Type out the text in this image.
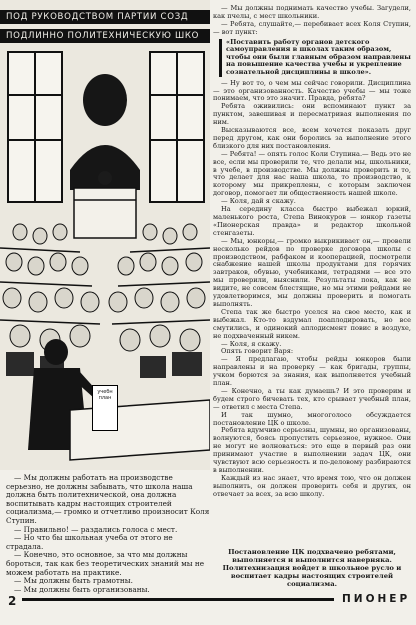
ПОД РУКОВОДСТВОМ ПАРТИИ СОЗД
ПОДЛИННО ПОЛИТЕХНИЧЕСКУЮ ШКО
учебн
план

— Мы должны работать на производстве серьезно, не должны забывать, что школа наша должна быть политехнической, она должна воспитывать кадры настоящих строителей социализма,— громко и отчетливо произносит Коля Ступин.

— Правильно! — раздались голоса с мест.

— Но что бы школьная учеба от этого не страдала.

— Конечно, это основное, за что мы должны бороться, так как без теоретических знаний мы не можем работать на практике.

— Мы должны быть грамотны.

— Мы должны быть организованы.

— Мы должны поднимать качество учебы. Загудели, как пчелы, с мест школьники.

— Ребята, слушайте,— перебивает всех Коля Ступин,— вот пункт:

«Поставить работу органов детского самоуправления в школах таким образом, чтобы они были главным образом направлены на повышение качества учебы и укрепление сознательной дисциплины в школе».

— Ну вот то, о чем мы сейчас говорили. Дисциплина — это организованность. Качество учебы — мы тоже понимаем, что это значит. Правда, ребята?

Ребята оживились: они вспоминают пункт за пунктом, завешивая и пересматривая выполнения по ним.

Высказываются все, всем хочется показать друг перед другом, как они боролись за выполнение этого близкого для них постановления.

— Ребята! — опять голос Коли Ступина.— Ведь это не все, если мы проверили те, что делали мы, школьники, в учебе, в производстве. Мы должны проверить и то, что делает для нас наша школа, то производство, к которому мы прикреплены, с которым заключен договор, помогает ли общественность нашей школе.

— Коля, дай я скажу.

На середину класса быстро выбежал юркий, маленького роста, Степа Винокуров — юнкор газеты «Пионерская правда» и редактор школьной стенгазеты.

— Мы, юнкоры,— громко выкрикивает он,— провели несколько рейдов по проверке договора школы с производством, рабфаком и кооперацией, посмотрели снабжение нашей школы продуктами для горячих завтраков, обувью, учебниками, тетрадями — все это мы проверили, выяснили. Результаты пока, как не видите, не совсем блестящие, но мы этими рейдами не удовлетворимся, мы должны проверить и помогать выполнять.

Степа так же быстро уселся на свое место, как и выбежал. Кто-то вздумал поаплодировать, но все смутились, и одинокий аплодисмент повис в воздухе, не подхваченный никем.

— Коля, я скажу.

Опять говорит Варя:

— Я предлагаю, чтобы рейды юнкоров были направлены и на проверку — как бригады, группы, учком борются за знания, как выполняется учебный план.

— Конечно, а ты как думаешь? И это проверим и будем строго бичевать тех, кто срывает учебный план,— ответил с места Степа.

И так шумно, многоголосо обсуждается постановление ЦК о школе.

Ребята вдумчиво серьезны, шумны, но организованы, волнуются, боясь пропустить серьезное, нужное. Они не могут не волноваться: это еще в первый раз они принимают участие в выполнении задач ЦК, они чувствуют всю серьезность и по-деловому разбираются в выполнении.

Каждый из нас знает, что время тою, что он должен выполнить, он должен проверить себя и других, он отвечает за всех, за всю школу.

Постановление ЦК подхвачено ребятами, выполняется и выполнится наверняка.

Политехнизация войдет в школьное русло и воспитает кадры настоящих строителей социализма.

2	ПИОНЕР
